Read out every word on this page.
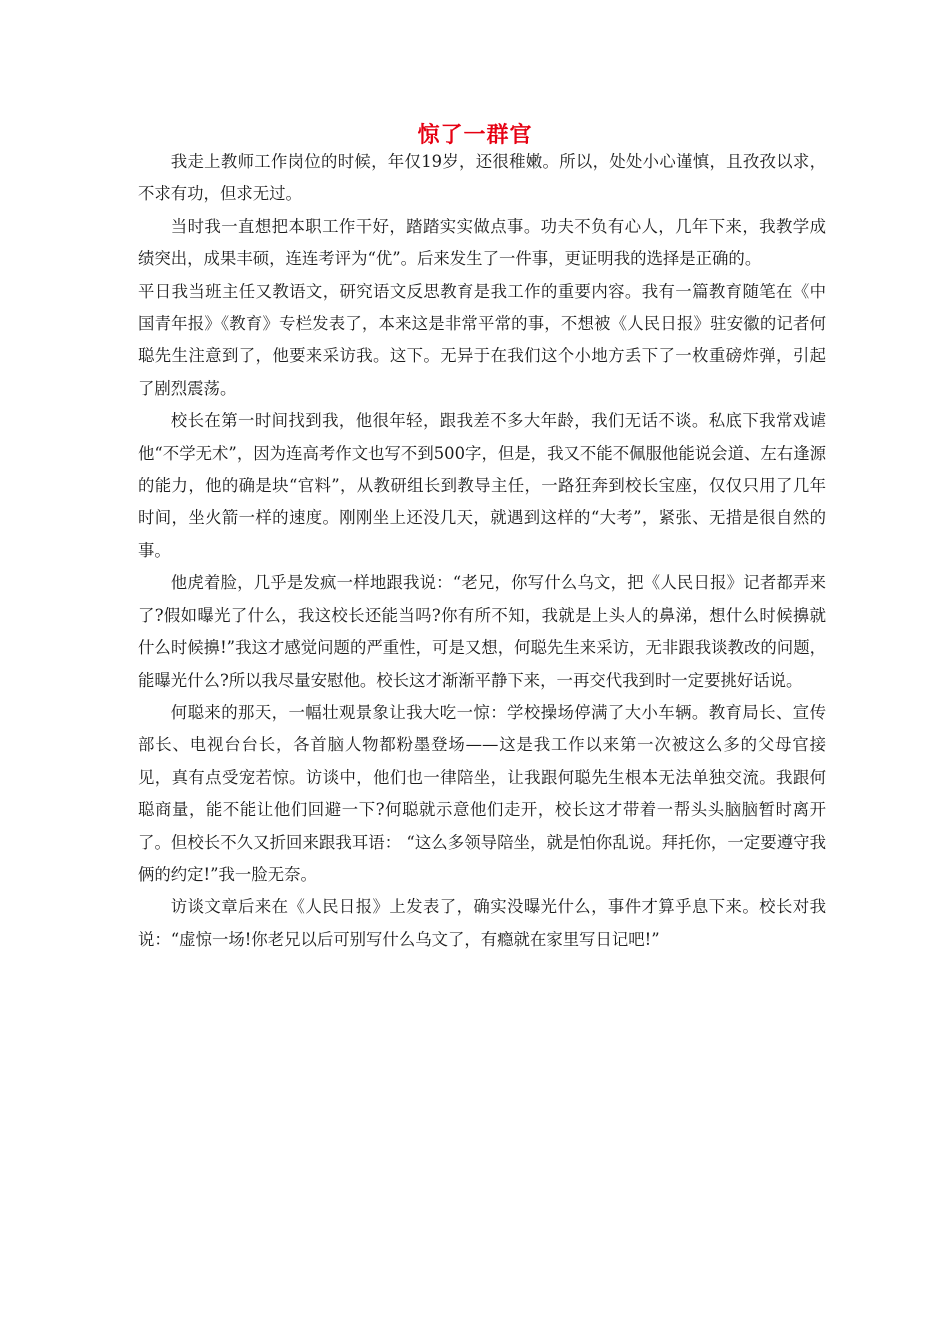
惊了一群官

我走上教师工作岗位的时候，年仅19岁，还很稚嫩。所以，处处小心谨慎，且孜孜以求，不求有功，但求无过。

当时我一直想把本职工作干好，踏踏实实做点事。功夫不负有心人，几年下来，我教学成绩突出，成果丰硕，连连考评为“优”。后来发生了一件事，更证明我的选择是正确的。

平日我当班主任又教语文，研究语文反思教育是我工作的重要内容。我有一篇教育随笔在《中国青年报》《教育》专栏发表了，本来这是非常平常的事，不想被《人民日报》驻安徽的记者何聪先生注意到了，他要来采访我。这下。无异于在我们这个小地方丢下了一枚重磅炸弹，引起了剧烈震荡。

校长在第一时间找到我，他很年轻，跟我差不多大年龄，我们无话不谈。私底下我常戏谑他“不学无术”，因为连高考作文也写不到500字，但是，我又不能不佩服他能说会道、左右逢源的能力，他的确是块“官料”，从教研组长到教导主任，一路狂奔到校长宝座，仅仅只用了几年时间，坐火箭一样的速度。刚刚坐上还没几天，就遇到这样的“大考”，紧张、无措是很自然的事。

他虎着脸，几乎是发疯一样地跟我说：“老兄，你写什么乌文，把《人民日报》记者都弄来了?假如曝光了什么，我这校长还能当吗?你有所不知，我就是上头人的鼻涕，想什么时候擤就什么时候擤!”我这才感觉问题的严重性，可是又想，何聪先生来采访，无非跟我谈教改的问题，能曝光什么?所以我尽量安慰他。校长这才渐渐平静下来，一再交代我到时一定要挑好话说。

何聪来的那天，一幅壮观景象让我大吃一惊：学校操场停满了大小车辆。教育局长、宣传部长、电视台台长，各首脑人物都粉墨登场——这是我工作以来第一次被这么多的父母官接见，真有点受宠若惊。访谈中，他们也一律陪坐，让我跟何聪先生根本无法单独交流。我跟何聪商量，能不能让他们回避一下?何聪就示意他们走开，校长这才带着一帮头头脑脑暂时离开了。但校长不久又折回来跟我耳语： “这么多领导陪坐，就是怕你乱说。拜托你，一定要遵守我俩的约定!”我一脸无奈。

访谈文章后来在《人民日报》上发表了，确实没曝光什么，事件才算乎息下来。校长对我说：“虚惊一场!你老兄以后可别写什么乌文了，有瘾就在家里写日记吧!”
